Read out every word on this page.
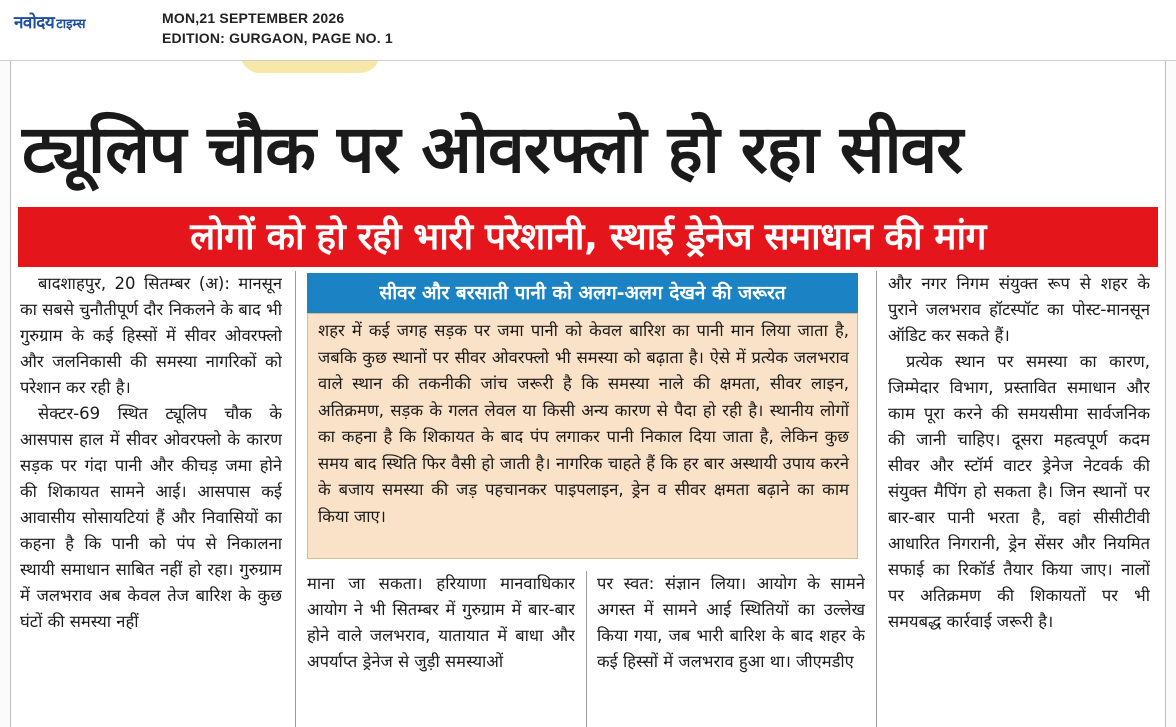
नवोदय टाइम्स	MON,21 SEPTEMBER 2026
EDITION: GURGAON, PAGE NO. 1
ट्यूलिप चौक पर ओवरफ्लो हो रहा सीवर
लोगों को हो रही भारी परेशानी, स्थाई ड्रेनेज समाधान की मांग

बादशाहपुर, 20 सितम्बर (अ): मानसून का सबसे चुनौतीपूर्ण दौर निकलने के बाद भी गुरुग्राम के कई हिस्सों में सीवर ओवरफ्लो और जलनिकासी की समस्या नागरिकों को परेशान कर रही है।

सेक्टर-69 स्थित ट्यूलिप चौक के आसपास हाल में सीवर ओवरफ्लो के कारण सड़क पर गंदा पानी और कीचड़ जमा होने की शिकायत सामने आई। आसपास कई आवासीय सोसायटियां हैं और निवासियों का कहना है कि पानी को पंप से निकालना स्थायी समाधान साबित नहीं हो रहा। गुरुग्राम में जलभराव अब केवल तेज बारिश के कुछ घंटों की समस्या नहीं

सीवर और बरसाती पानी को अलग-अलग देखने की जरूरत
शहर में कई जगह सड़क पर जमा पानी को केवल बारिश का पानी मान लिया जाता है, जबकि कुछ स्थानों पर सीवर ओवरफ्लो भी समस्या को बढ़ाता है। ऐसे में प्रत्येक जलभराव वाले स्थान की तकनीकी जांच जरूरी है कि समस्या नाले की क्षमता, सीवर लाइन, अतिक्रमण, सड़क के गलत लेवल या किसी अन्य कारण से पैदा हो रही है। स्थानीय लोगों का कहना है कि शिकायत के बाद पंप लगाकर पानी निकाल दिया जाता है, लेकिन कुछ समय बाद स्थिति फिर वैसी हो जाती है। नागरिक चाहते हैं कि हर बार अस्थायी उपाय करने के बजाय समस्या की जड़ पहचानकर पाइपलाइन, ड्रेन व सीवर क्षमता बढ़ाने का काम किया जाए।

माना जा सकता। हरियाणा मानवाधिकार आयोग ने भी सितम्बर में गुरुग्राम में बार-बार होने वाले जलभराव, यातायात में बाधा और अपर्याप्त ड्रेनेज से जुड़ी समस्याओं

पर स्वत: संज्ञान लिया। आयोग के सामने अगस्त में सामने आई स्थितियों का उल्लेख किया गया, जब भारी बारिश के बाद शहर के कई हिस्सों में जलभराव हुआ था। जीएमडीए

और नगर निगम संयुक्त रूप से शहर के पुराने जलभराव हॉटस्पॉट का पोस्ट-मानसून ऑडिट कर सकते हैं।

प्रत्येक स्थान पर समस्या का कारण, जिम्मेदार विभाग, प्रस्तावित समाधान और काम पूरा करने की समयसीमा सार्वजनिक की जानी चाहिए। दूसरा महत्वपूर्ण कदम सीवर और स्टॉर्म वाटर ड्रेनेज नेटवर्क की संयुक्त मैपिंग हो सकता है। जिन स्थानों पर बार-बार पानी भरता है, वहां सीसीटीवी आधारित निगरानी, ड्रेन सेंसर और नियमित सफाई का रिकॉर्ड तैयार किया जाए। नालों पर अतिक्रमण की शिकायतों पर भी समयबद्ध कार्रवाई जरूरी है।
